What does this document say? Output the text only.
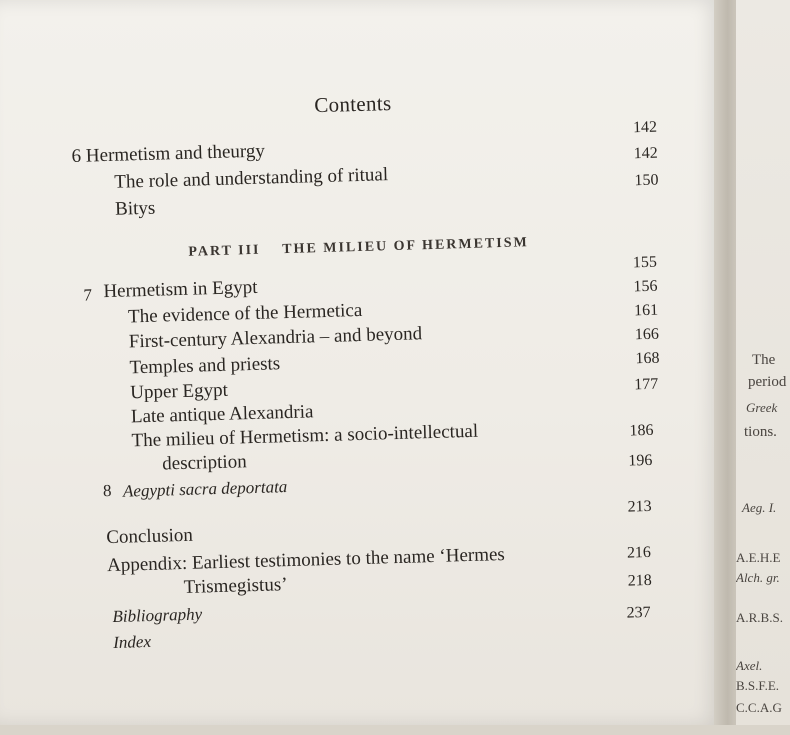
Contents
6 Hermetism and theurgy
The role and understanding of ritual
Bitys
PART III THE MILIEU OF HERMETISM
7 Hermetism in Egypt
The evidence of the Hermetica
First-century Alexandria – and beyond
Temples and priests
Upper Egypt
Late antique Alexandria
The milieu of Hermetism: a socio-intellectual
description
8 Aegypti sacra deportata
Conclusion
Appendix: Earliest testimonies to the name ‘Hermes
Trismegistus’
Bibliography
Index
142
142
150
155
156
161
166
168
177
186
196
213
216
218
237
The
period
Greek
tions.
Aeg. I.
A.E.H.E
Alch. gr.
A.R.B.S.
Axel.
B.S.F.E.
C.C.A.G
